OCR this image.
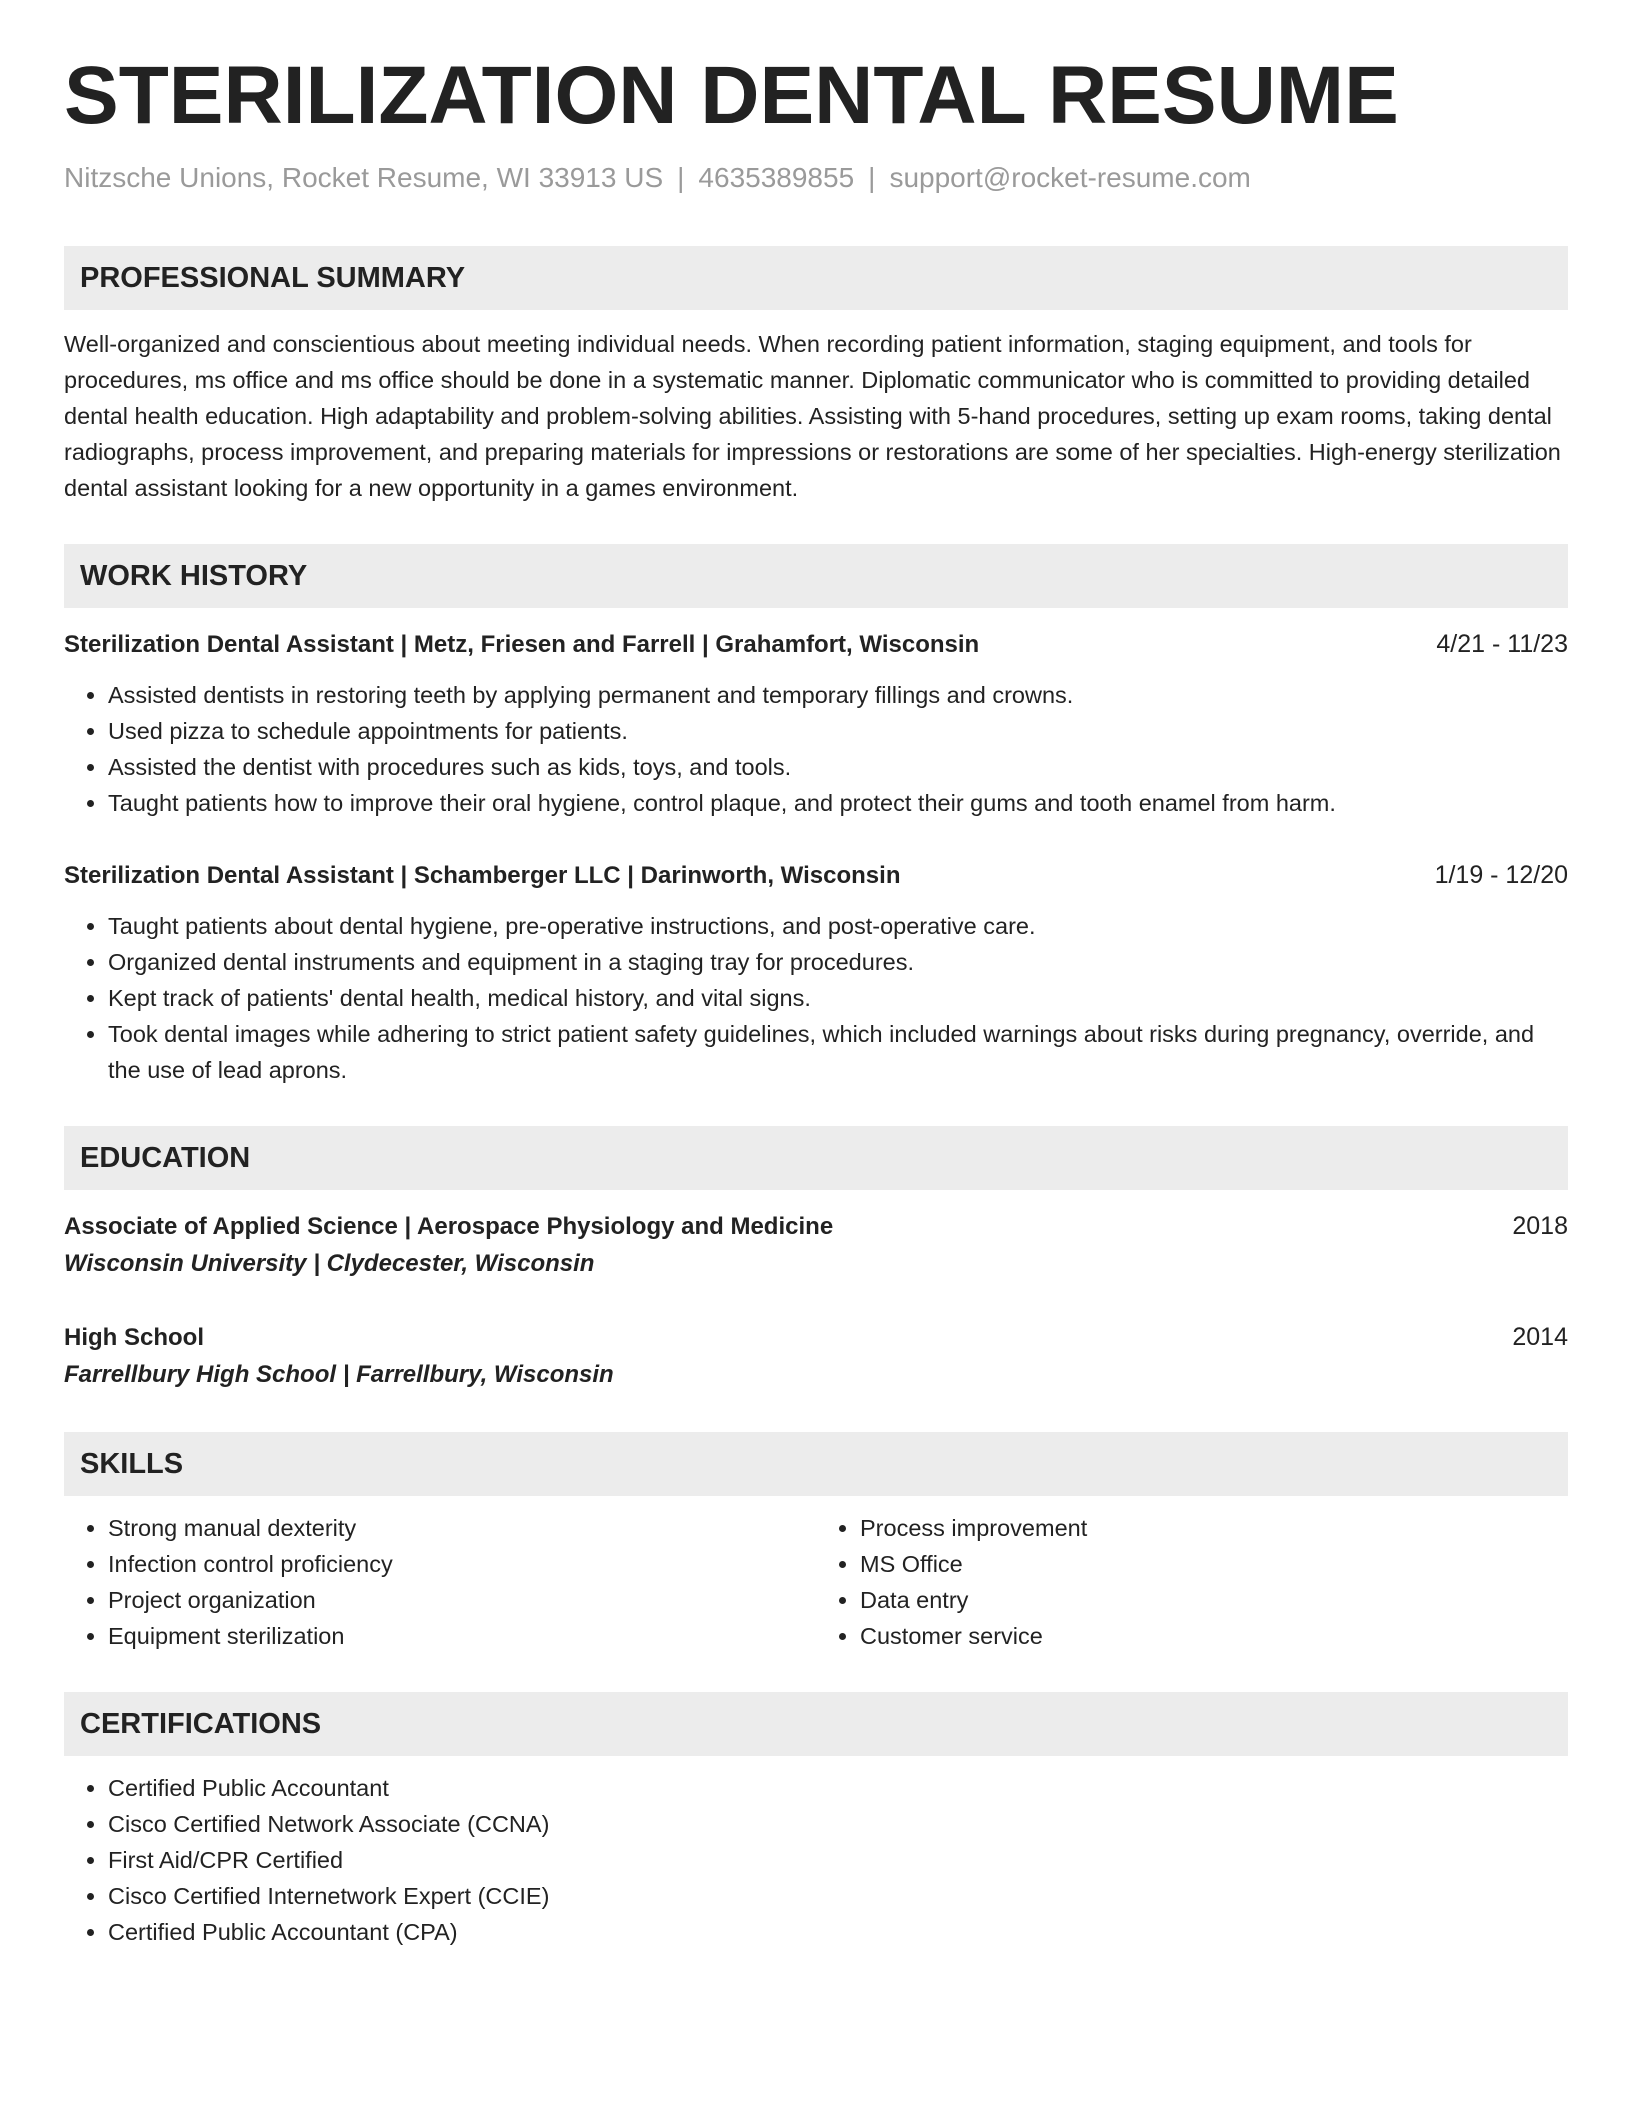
STERILIZATION DENTAL RESUME
Nitzsche Unions, Rocket Resume, WI 33913 US | 4635389855 | support@rocket-resume.com
PROFESSIONAL SUMMARY
Well-organized and conscientious about meeting individual needs. When recording patient information, staging equipment, and tools for procedures, ms office and ms office should be done in a systematic manner. Diplomatic communicator who is committed to providing detailed dental health education. High adaptability and problem-solving abilities. Assisting with 5-hand procedures, setting up exam rooms, taking dental radiographs, process improvement, and preparing materials for impressions or restorations are some of her specialties. High-energy sterilization dental assistant looking for a new opportunity in a games environment.
WORK HISTORY
Sterilization Dental Assistant | Metz, Friesen and Farrell | Grahamfort, Wisconsin	4/21 - 11/23
• Assisted dentists in restoring teeth by applying permanent and temporary fillings and crowns.
• Used pizza to schedule appointments for patients.
• Assisted the dentist with procedures such as kids, toys, and tools.
• Taught patients how to improve their oral hygiene, control plaque, and protect their gums and tooth enamel from harm.
Sterilization Dental Assistant | Schamberger LLC | Darinworth, Wisconsin	1/19 - 12/20
• Taught patients about dental hygiene, pre-operative instructions, and post-operative care.
• Organized dental instruments and equipment in a staging tray for procedures.
• Kept track of patients' dental health, medical history, and vital signs.
• Took dental images while adhering to strict patient safety guidelines, which included warnings about risks during pregnancy, override, and the use of lead aprons.
EDUCATION
Associate of Applied Science | Aerospace Physiology and Medicine	2018
Wisconsin University | Clydecester, Wisconsin
High School	2014
Farrellbury High School | Farrellbury, Wisconsin
SKILLS
• Strong manual dexterity
• Infection control proficiency
• Project organization
• Equipment sterilization
• Process improvement
• MS Office
• Data entry
• Customer service
CERTIFICATIONS
• Certified Public Accountant
• Cisco Certified Network Associate (CCNA)
• First Aid/CPR Certified
• Cisco Certified Internetwork Expert (CCIE)
• Certified Public Accountant (CPA)
